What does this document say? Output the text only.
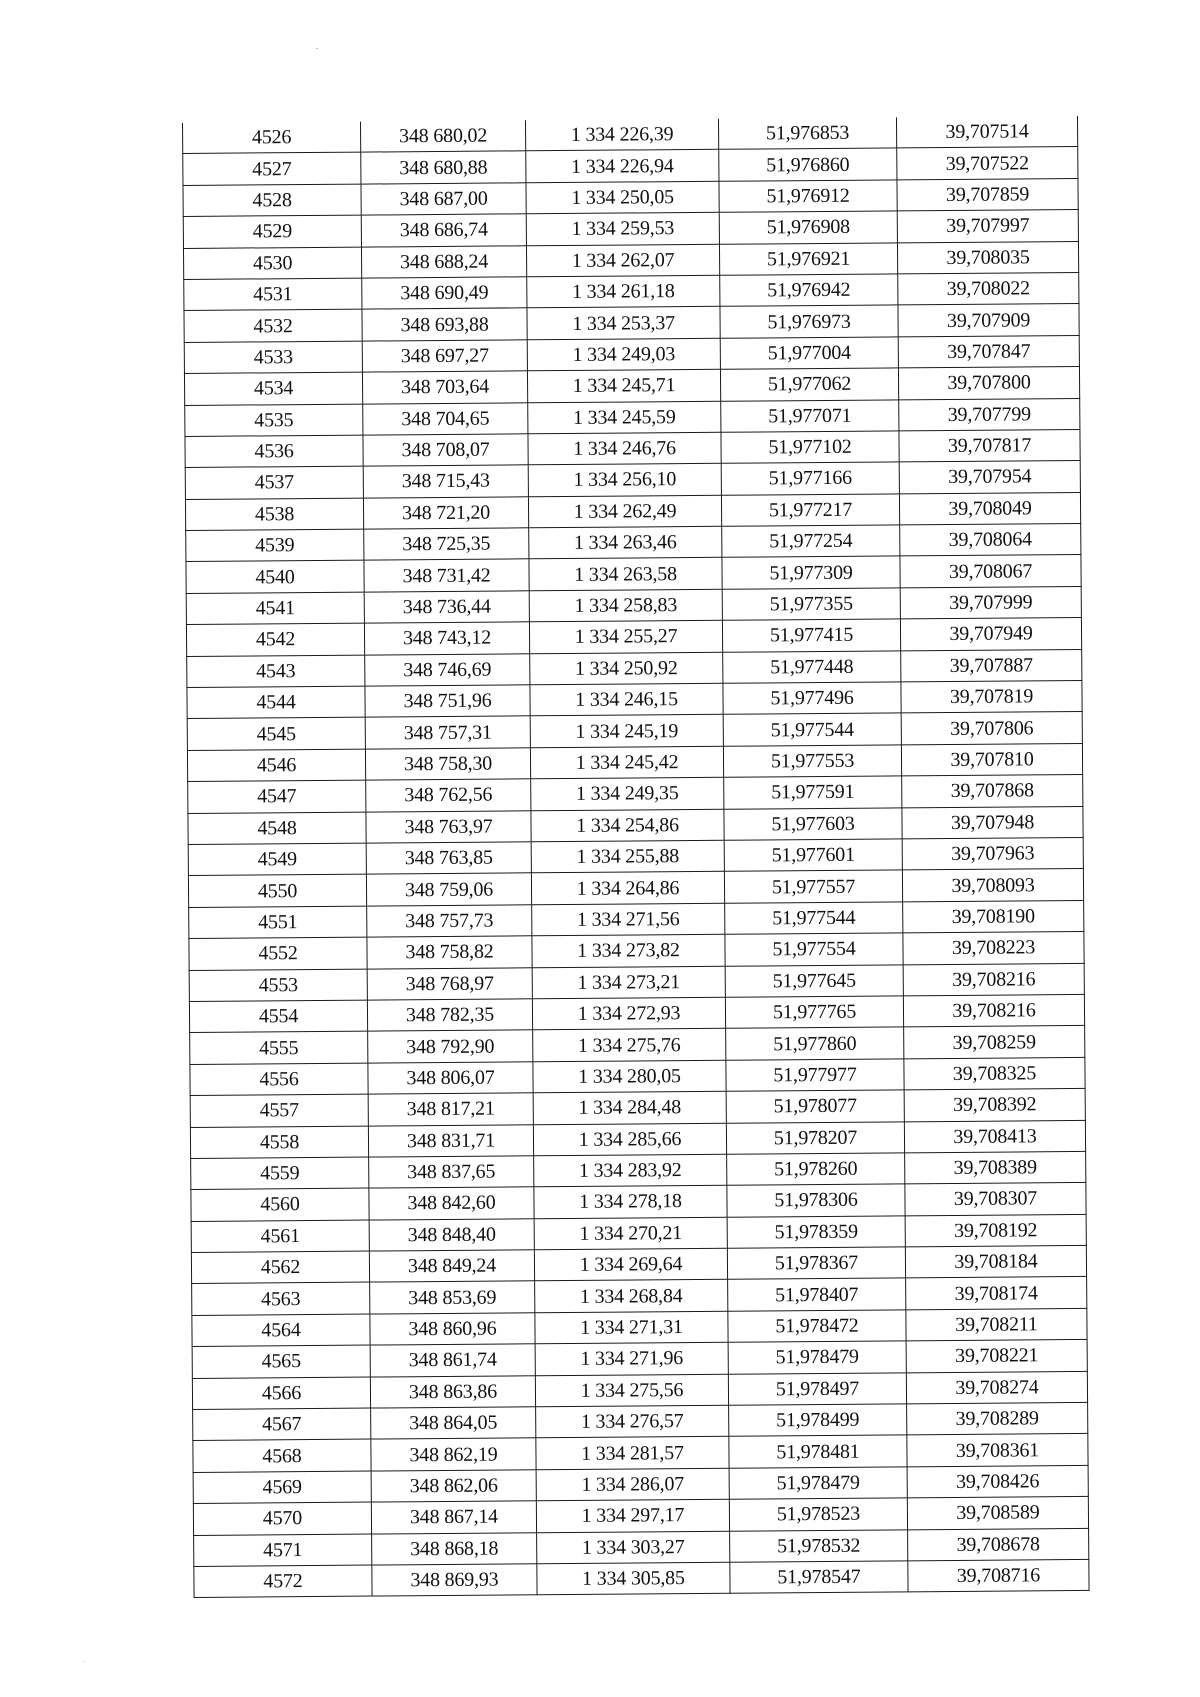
4526	348 680,02	1 334 226,39	51,976853	39,707514
4527	348 680,88	1 334 226,94	51,976860	39,707522
4528	348 687,00	1 334 250,05	51,976912	39,707859
4529	348 686,74	1 334 259,53	51,976908	39,707997
4530	348 688,24	1 334 262,07	51,976921	39,708035
4531	348 690,49	1 334 261,18	51,976942	39,708022
4532	348 693,88	1 334 253,37	51,976973	39,707909
4533	348 697,27	1 334 249,03	51,977004	39,707847
4534	348 703,64	1 334 245,71	51,977062	39,707800
4535	348 704,65	1 334 245,59	51,977071	39,707799
4536	348 708,07	1 334 246,76	51,977102	39,707817
4537	348 715,43	1 334 256,10	51,977166	39,707954
4538	348 721,20	1 334 262,49	51,977217	39,708049
4539	348 725,35	1 334 263,46	51,977254	39,708064
4540	348 731,42	1 334 263,58	51,977309	39,708067
4541	348 736,44	1 334 258,83	51,977355	39,707999
4542	348 743,12	1 334 255,27	51,977415	39,707949
4543	348 746,69	1 334 250,92	51,977448	39,707887
4544	348 751,96	1 334 246,15	51,977496	39,707819
4545	348 757,31	1 334 245,19	51,977544	39,707806
4546	348 758,30	1 334 245,42	51,977553	39,707810
4547	348 762,56	1 334 249,35	51,977591	39,707868
4548	348 763,97	1 334 254,86	51,977603	39,707948
4549	348 763,85	1 334 255,88	51,977601	39,707963
4550	348 759,06	1 334 264,86	51,977557	39,708093
4551	348 757,73	1 334 271,56	51,977544	39,708190
4552	348 758,82	1 334 273,82	51,977554	39,708223
4553	348 768,97	1 334 273,21	51,977645	39,708216
4554	348 782,35	1 334 272,93	51,977765	39,708216
4555	348 792,90	1 334 275,76	51,977860	39,708259
4556	348 806,07	1 334 280,05	51,977977	39,708325
4557	348 817,21	1 334 284,48	51,978077	39,708392
4558	348 831,71	1 334 285,66	51,978207	39,708413
4559	348 837,65	1 334 283,92	51,978260	39,708389
4560	348 842,60	1 334 278,18	51,978306	39,708307
4561	348 848,40	1 334 270,21	51,978359	39,708192
4562	348 849,24	1 334 269,64	51,978367	39,708184
4563	348 853,69	1 334 268,84	51,978407	39,708174
4564	348 860,96	1 334 271,31	51,978472	39,708211
4565	348 861,74	1 334 271,96	51,978479	39,708221
4566	348 863,86	1 334 275,56	51,978497	39,708274
4567	348 864,05	1 334 276,57	51,978499	39,708289
4568	348 862,19	1 334 281,57	51,978481	39,708361
4569	348 862,06	1 334 286,07	51,978479	39,708426
4570	348 867,14	1 334 297,17	51,978523	39,708589
4571	348 868,18	1 334 303,27	51,978532	39,708678
4572	348 869,93	1 334 305,85	51,978547	39,708716
